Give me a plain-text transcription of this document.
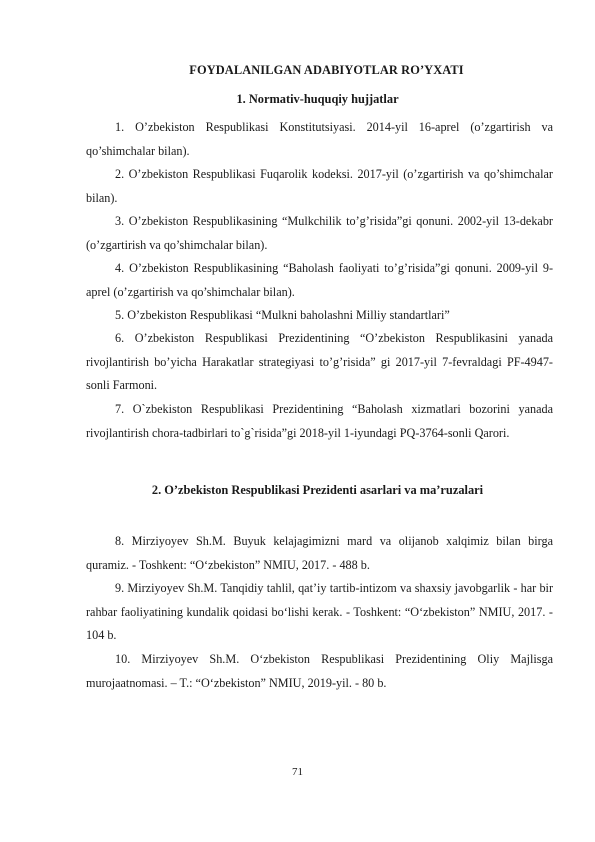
FOYDALANILGAN ADABIYOTLAR RO’YXATI
1. Normativ-huquqiy hujjatlar

1. O’zbekiston Respublikasi Konstitutsiyasi. 2014-yil 16-aprel (o’zgartirish va qo’shimchalar bilan).

2. O’zbekiston Respublikasi Fuqarolik kodeksi. 2017-yil (o’zgartirish va qo’shimchalar bilan).

3. O’zbekiston Respublikasining “Mulkchilik to’g’risida”gi qonuni. 2002-yil 13-dekabr (o’zgartirish va qo’shimchalar bilan).

4. O’zbekiston Respublikasining “Baholash faoliyati to’g’risida”gi qonuni. 2009-yil 9-aprel (o’zgartirish va qo’shimchalar bilan).

5. O’zbekiston Respublikasi “Mulkni baholashni Milliy standartlari”

6. O’zbekiston Respublikasi Prezidentining “O’zbekiston Respublikasini yanada rivojlantirish bo’yicha Harakatlar strategiyasi to’g’risida” gi 2017-yil 7-fevraldagi PF-4947-sonli Farmoni.

7. O`zbekiston Respublikasi Prezidentining “Baholash xizmatlari bozorini yanada rivojlantirish chora-tadbirlari to`g`risida”gi 2018-yil 1-iyundagi PQ-3764-sonli Qarori.

2. O’zbekiston Respublikasi Prezidenti asarlari va ma’ruzalari

8. Mirziyoyev Sh.M. Buyuk kelajagimizni mard va olijanob xalqimiz bilan birga quramiz. - Toshkent: “O‘zbekiston” NMIU, 2017. - 488 b.

9. Mirziyoyev Sh.M. Tanqidiy tahlil, qat’iy tartib-intizom va shaxsiy javobgarlik - har bir rahbar faoliyatining kundalik qoidasi bo‘lishi kerak. - Toshkent: “O‘zbekiston” NMIU, 2017. - 104 b.

10. Mirziyoyev Sh.M. O‘zbekiston Respublikasi Prezidentining Oliy Majlisga murojaatnomasi. – T.: “O‘zbekiston” NMIU, 2019-yil. - 80 b.

71
